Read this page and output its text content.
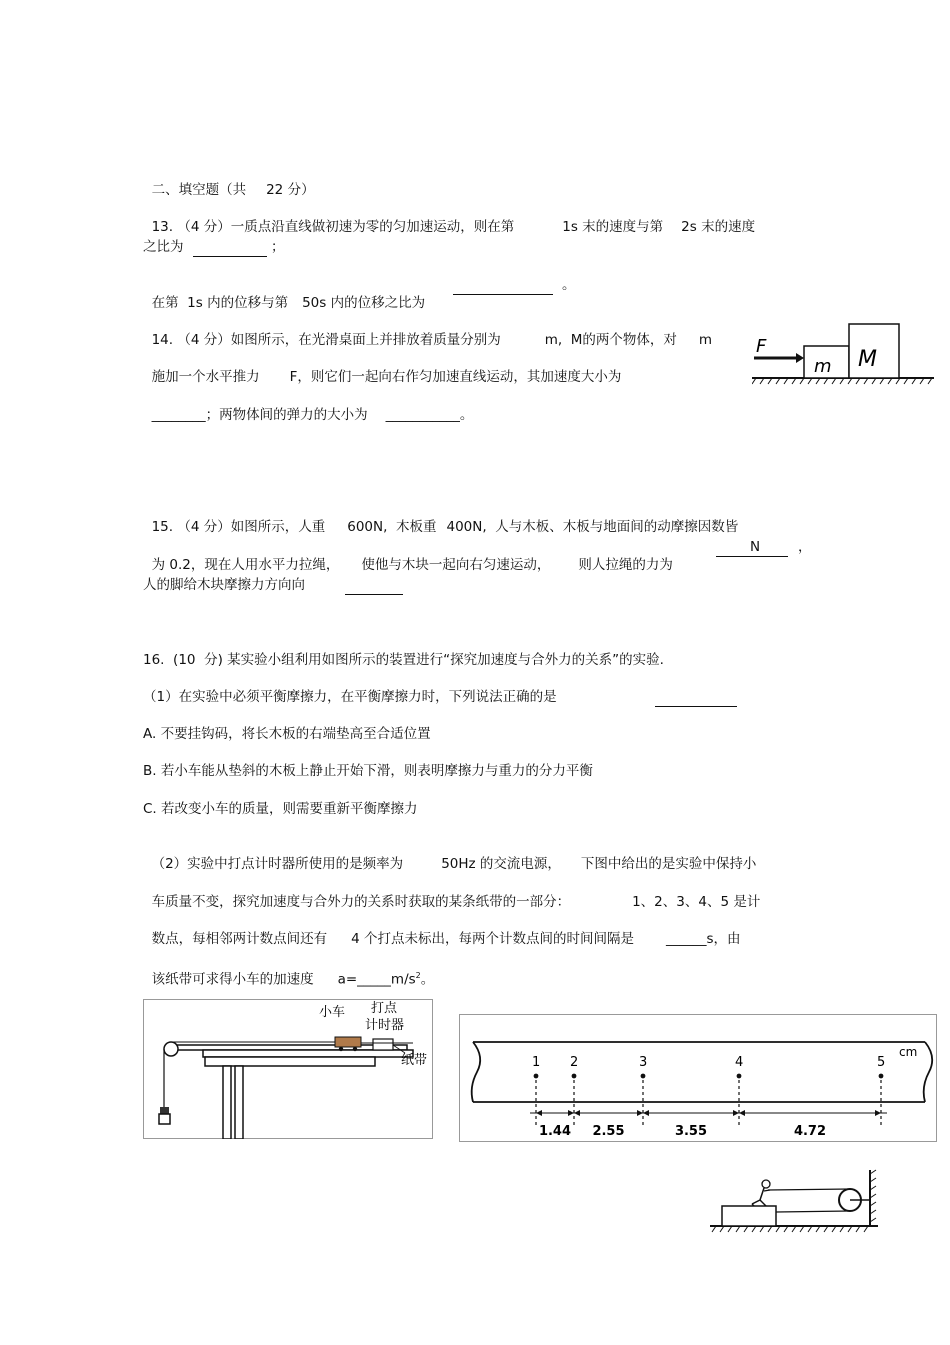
二、填空题（共 22 分）

13. （4 分）一质点沿直线做初速为零的匀加速运动，则在第	1s 末的速度与第 2s 末的速度

之比为	；

在第  1s 内的位移与第 50s 内的位移之比为

。

14. （4 分）如图所示，在光滑桌面上并排放着质量分别为	m,  M的两个物体，对 m

施加一个水平推力 F，则它们一起向右作匀加速直线运动，其加速度大小为

________；两物体间的弹力的大小为 ___________。

F
m M

15. （4 分）如图所示，人重 600N,  木板重 400N,  人与木板、木板与地面间的动摩擦因数皆

为 0.2，现在人用水平力拉绳， 使他与木块一起向右匀速运动， 则人拉绳的力为

N	，
人的脚给木块摩擦力方向向
16.  (10  分) 某实验小组利用如图所示的装置进行“探究加速度与合外力的关系”的实验.
（1）在实验中必须平衡摩擦力，在平衡摩擦力时，下列说法正确的是
A. 不要挂钩码，将长木板的右端垫高至合适位置
B. 若小车能从垫斜的木板上静止开始下滑，则表明摩擦力与重力的分力平衡
C. 若改变小车的质量，则需要重新平衡摩擦力

（2）实验中打点计时器所使用的是频率为	50Hz 的交流电源， 下图中给出的是实验中保持小

车质量不变，探究加速度与合外力的关系时获取的某条纸带的一部分：	1、2、3、4、5 是计

数点，每相邻两计数点间还有 4 个打点未标出，每两个计数点间的时间间隔是 ______s，由

该纸带可求得小车的加速度 $a=\_\_\_\_\_m/s^2$。

小车 打点
计时器
纸带
cm
1 2	3	4	5
1.44 2.55	3.55	4.72
